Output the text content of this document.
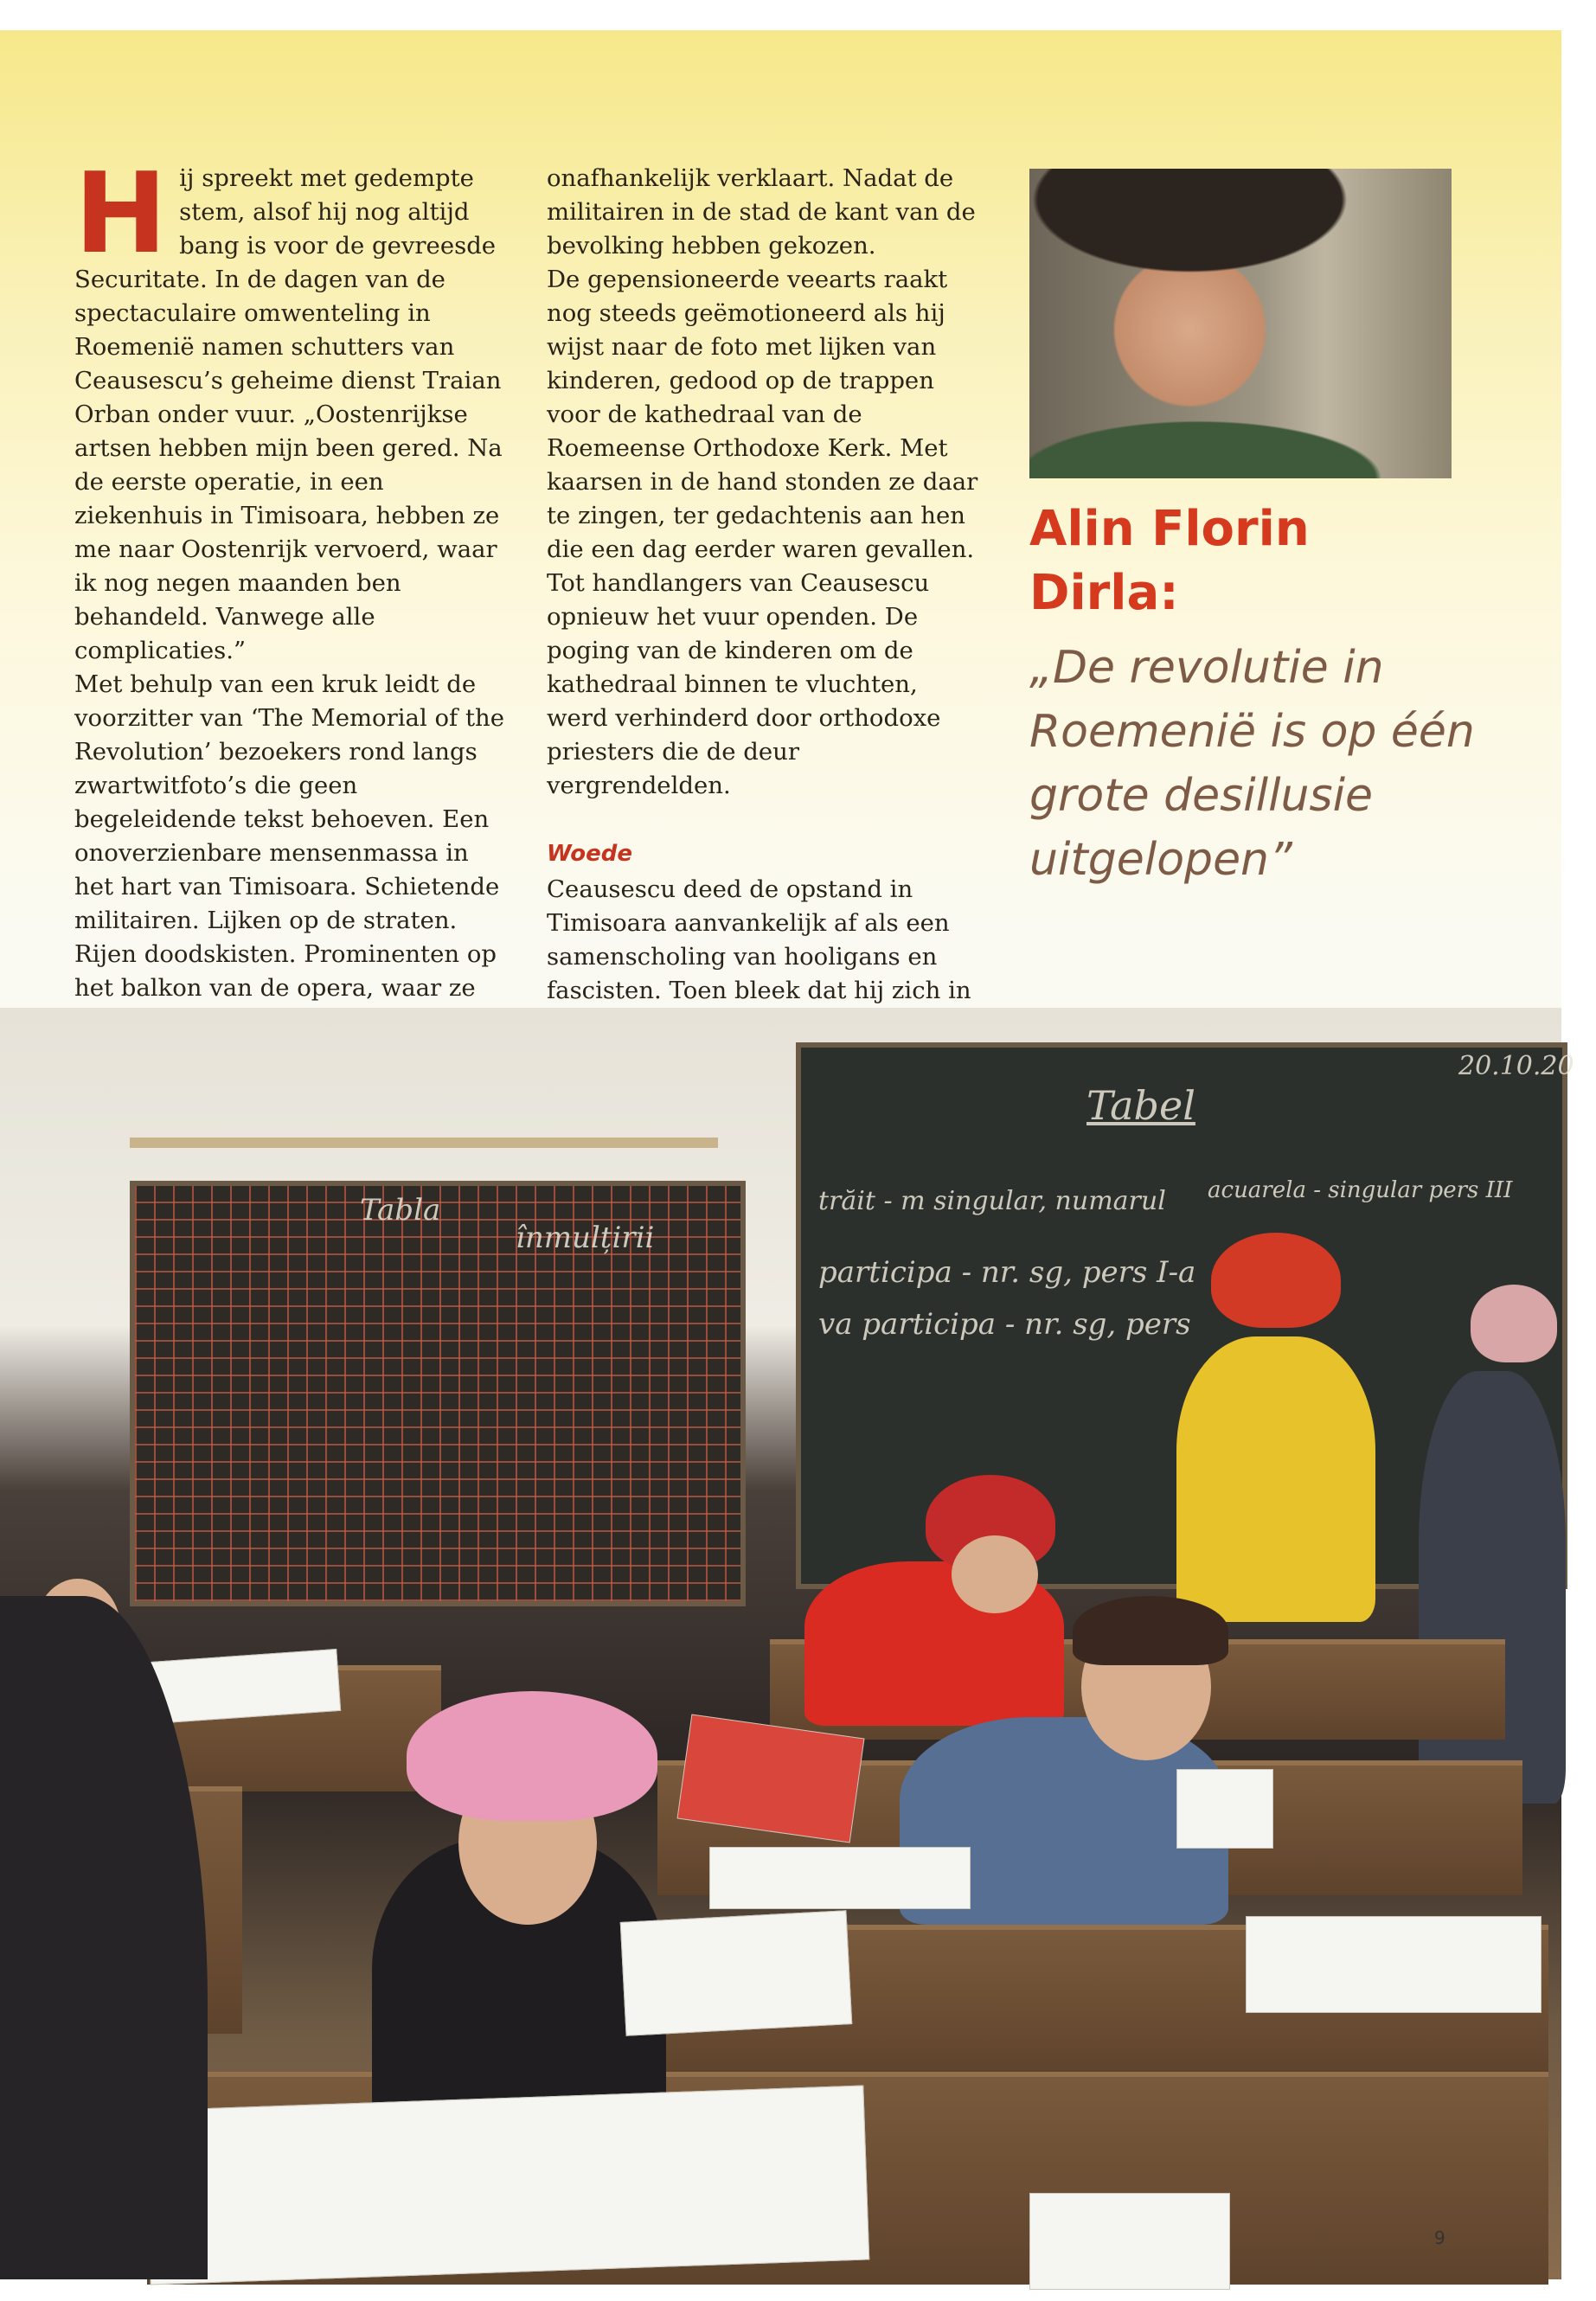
Hij spreekt met gedempte stem, alsof hij nog altijd bang is voor de gevreesde Securitate. In de dagen van de spectaculaire omwenteling in Roemenië namen schutters van Ceausescu’s geheime dienst Traian Orban onder vuur. „Oostenrijkse artsen hebben mijn been gered. Na de eerste operatie, in een ziekenhuis in Timisoara, hebben ze me naar Oostenrijk vervoerd, waar ik nog negen maanden ben behandeld. Vanwege alle complicaties.”

Met behulp van een kruk leidt de voorzitter van ‘The Memorial of the Revolution’ bezoekers rond langs zwartwitfoto’s die geen begeleidende tekst behoeven. Een onoverzienbare mensenmassa in het hart van Timisoara. Schietende militairen. Lijken op de straten. Rijen doodskisten. Prominenten op het balkon van de opera, waar ze

onafhankelijk verklaart. Nadat de militairen in de stad de kant van de bevolking hebben gekozen.

De gepensioneerde veearts raakt nog steeds geëmotioneerd als hij wijst naar de foto met lijken van kinderen, gedood op de trappen voor de kathedraal van de Roemeense Orthodoxe Kerk. Met kaarsen in de hand stonden ze daar te zingen, ter gedachtenis aan hen die een dag eerder waren gevallen. Tot handlangers van Ceausescu opnieuw het vuur openden. De poging van de kinderen om de kathedraal binnen te vluchten, werd verhinderd door orthodoxe priesters die de deur vergrendelden.

Woede

Ceausescu deed de opstand in Timisoara aanvankelijk af als een samenscholing van hooligans en fascisten. Toen bleek dat hij zich in

Alin Florin
Dirla:
„De revolutie in Roemenië is op één grote desillusie uitgelopen”
Tabla
înmulțirii
20.10.20
Tabel
trăit - m singular, numarul acuarela - singular pers III
participa - nr. sg, pers I-a
va participa - nr. sg, pers
9
